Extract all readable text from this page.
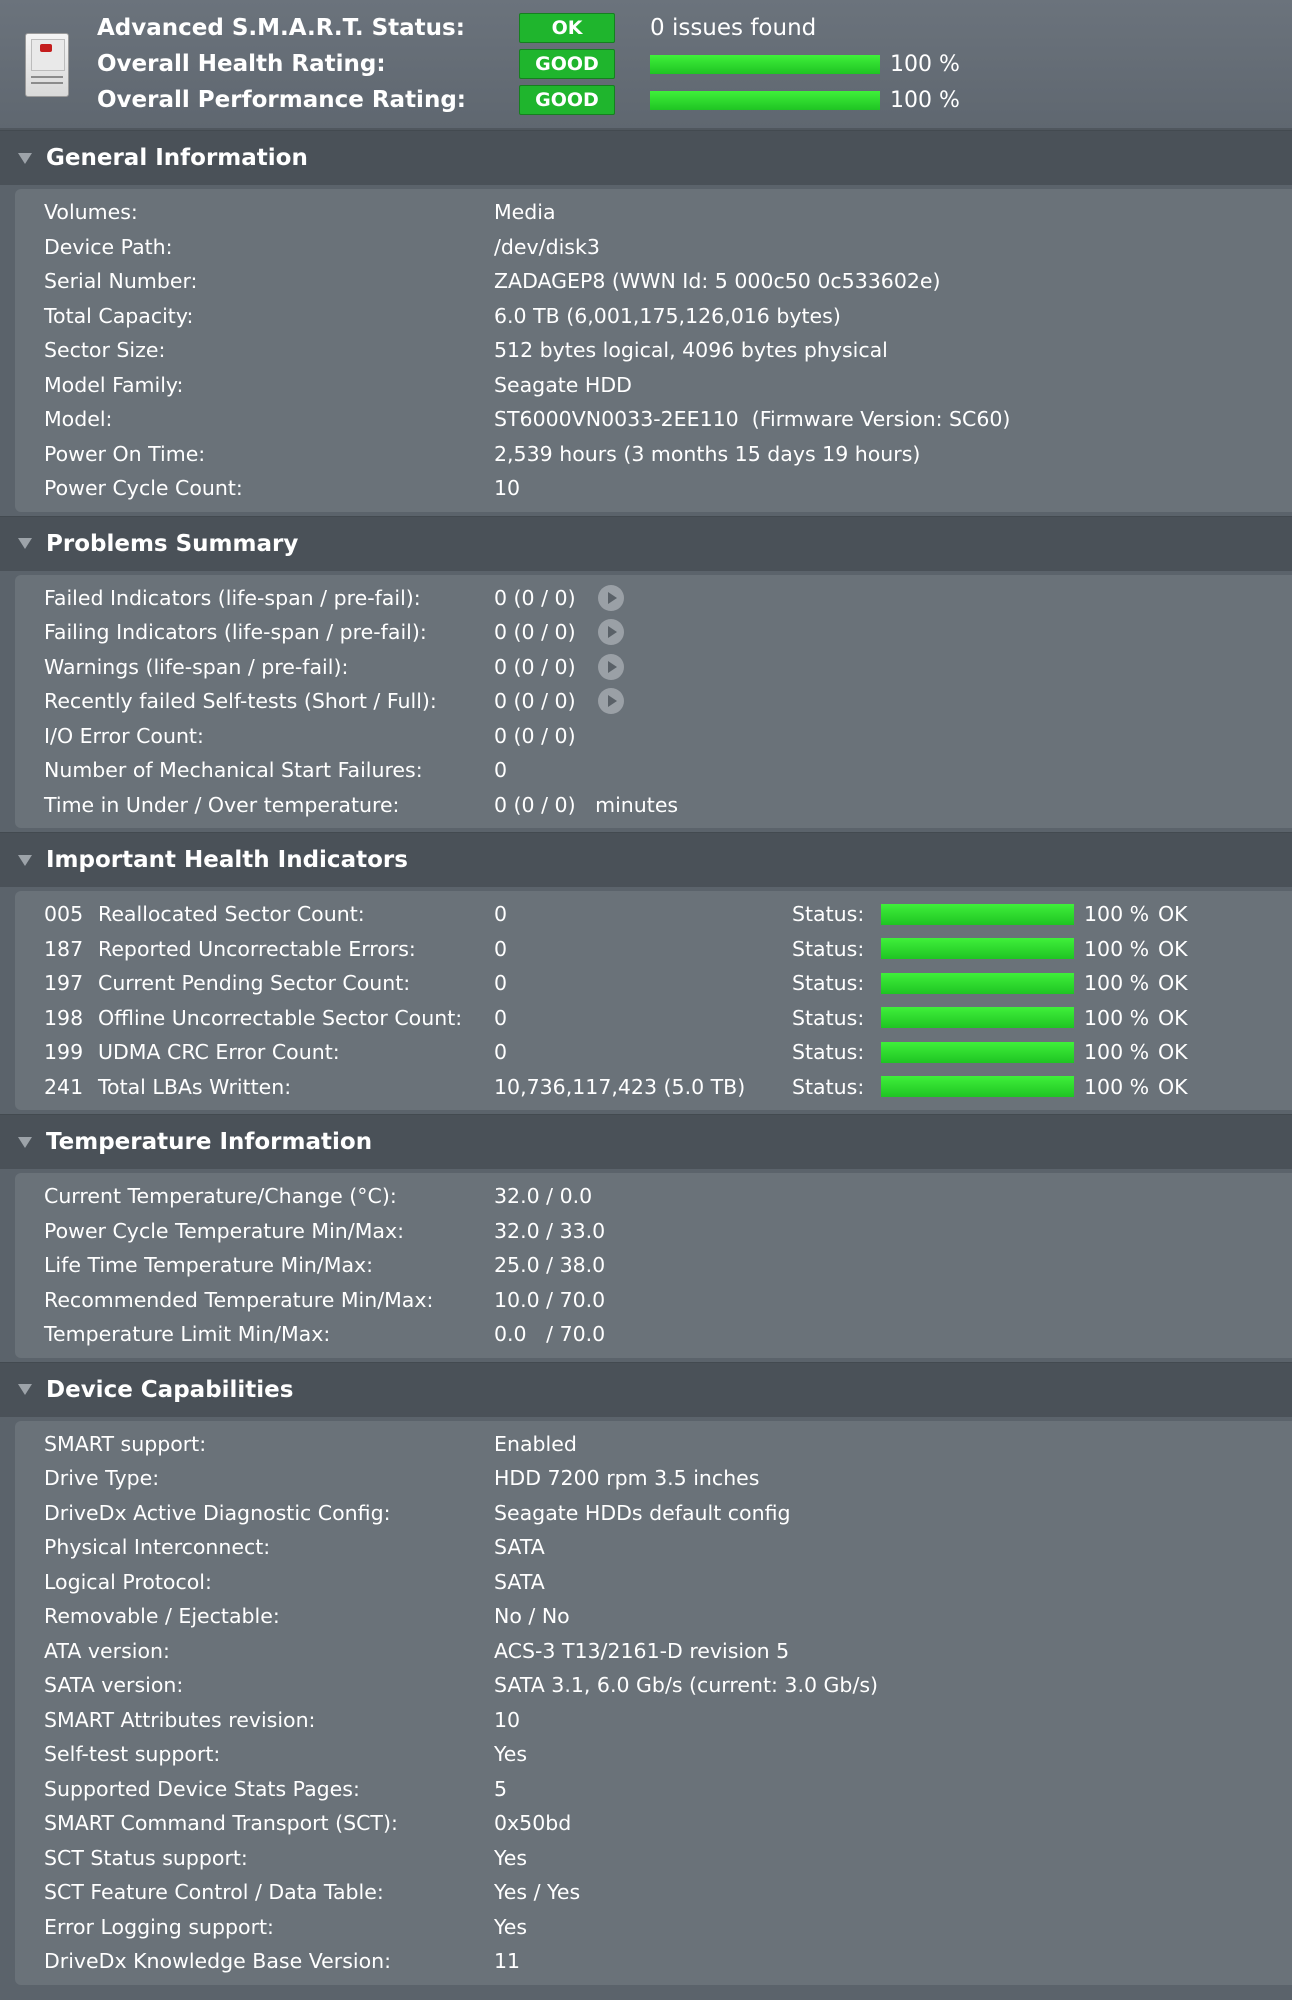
Advanced S.M.A.R.T. Status:	OK	0 issues found
Overall Health Rating:	GOOD	100 %
Overall Performance Rating:	GOOD	100 %
General Information
Volumes:	Media
Device Path:	/dev/disk3
Serial Number:	ZADAGEP8 (WWN Id: 5 000c50 0c533602e)
Total Capacity:	6.0 TB (6,001,175,126,016 bytes)
Sector Size:	512 bytes logical, 4096 bytes physical
Model Family:	Seagate HDD
Model:	ST6000VN0033-2EE110  (Firmware Version: SC60)
Power On Time:	2,539 hours (3 months 15 days 19 hours)
Power Cycle Count:	10
Problems Summary
Failed Indicators (life-span / pre-fail):	0 (0 / 0)
Failing Indicators (life-span / pre-fail):	0 (0 / 0)
Warnings (life-span / pre-fail):	0 (0 / 0)
Recently failed Self-tests (Short / Full):	0 (0 / 0)
I/O Error Count:	0 (0 / 0)
Number of Mechanical Start Failures:	0
Time in Under / Over temperature:	0 (0 / 0)   minutes
Important Health Indicators
005 Reallocated Sector Count:	0	Status:	100 % OK
187 Reported Uncorrectable Errors:	0	Status:	100 % OK
197 Current Pending Sector Count:	0	Status:	100 % OK
198 Offline Uncorrectable Sector Count: 0	Status:	100 % OK
199 UDMA CRC Error Count:	0	Status:	100 % OK
241 Total LBAs Written:	10,736,117,423 (5.0 TB)	Status:	100 % OK
Temperature Information
Current Temperature/Change (°C):	32.0 / 0.0
Power Cycle Temperature Min/Max:	32.0 / 33.0
Life Time Temperature Min/Max:	25.0 / 38.0
Recommended Temperature Min/Max:	10.0 / 70.0
Temperature Limit Min/Max:	0.0   / 70.0
Device Capabilities
SMART support:	Enabled
Drive Type:	HDD 7200 rpm 3.5 inches
DriveDx Active Diagnostic Config:	Seagate HDDs default config
Physical Interconnect:	SATA
Logical Protocol:	SATA
Removable / Ejectable:	No / No
ATA version:	ACS-3 T13/2161-D revision 5
SATA version:	SATA 3.1, 6.0 Gb/s (current: 3.0 Gb/s)
SMART Attributes revision:	10
Self-test support:	Yes
Supported Device Stats Pages:	5
SMART Command Transport (SCT):	0x50bd
SCT Status support:	Yes
SCT Feature Control / Data Table:	Yes / Yes
Error Logging support:	Yes
DriveDx Knowledge Base Version:	11
